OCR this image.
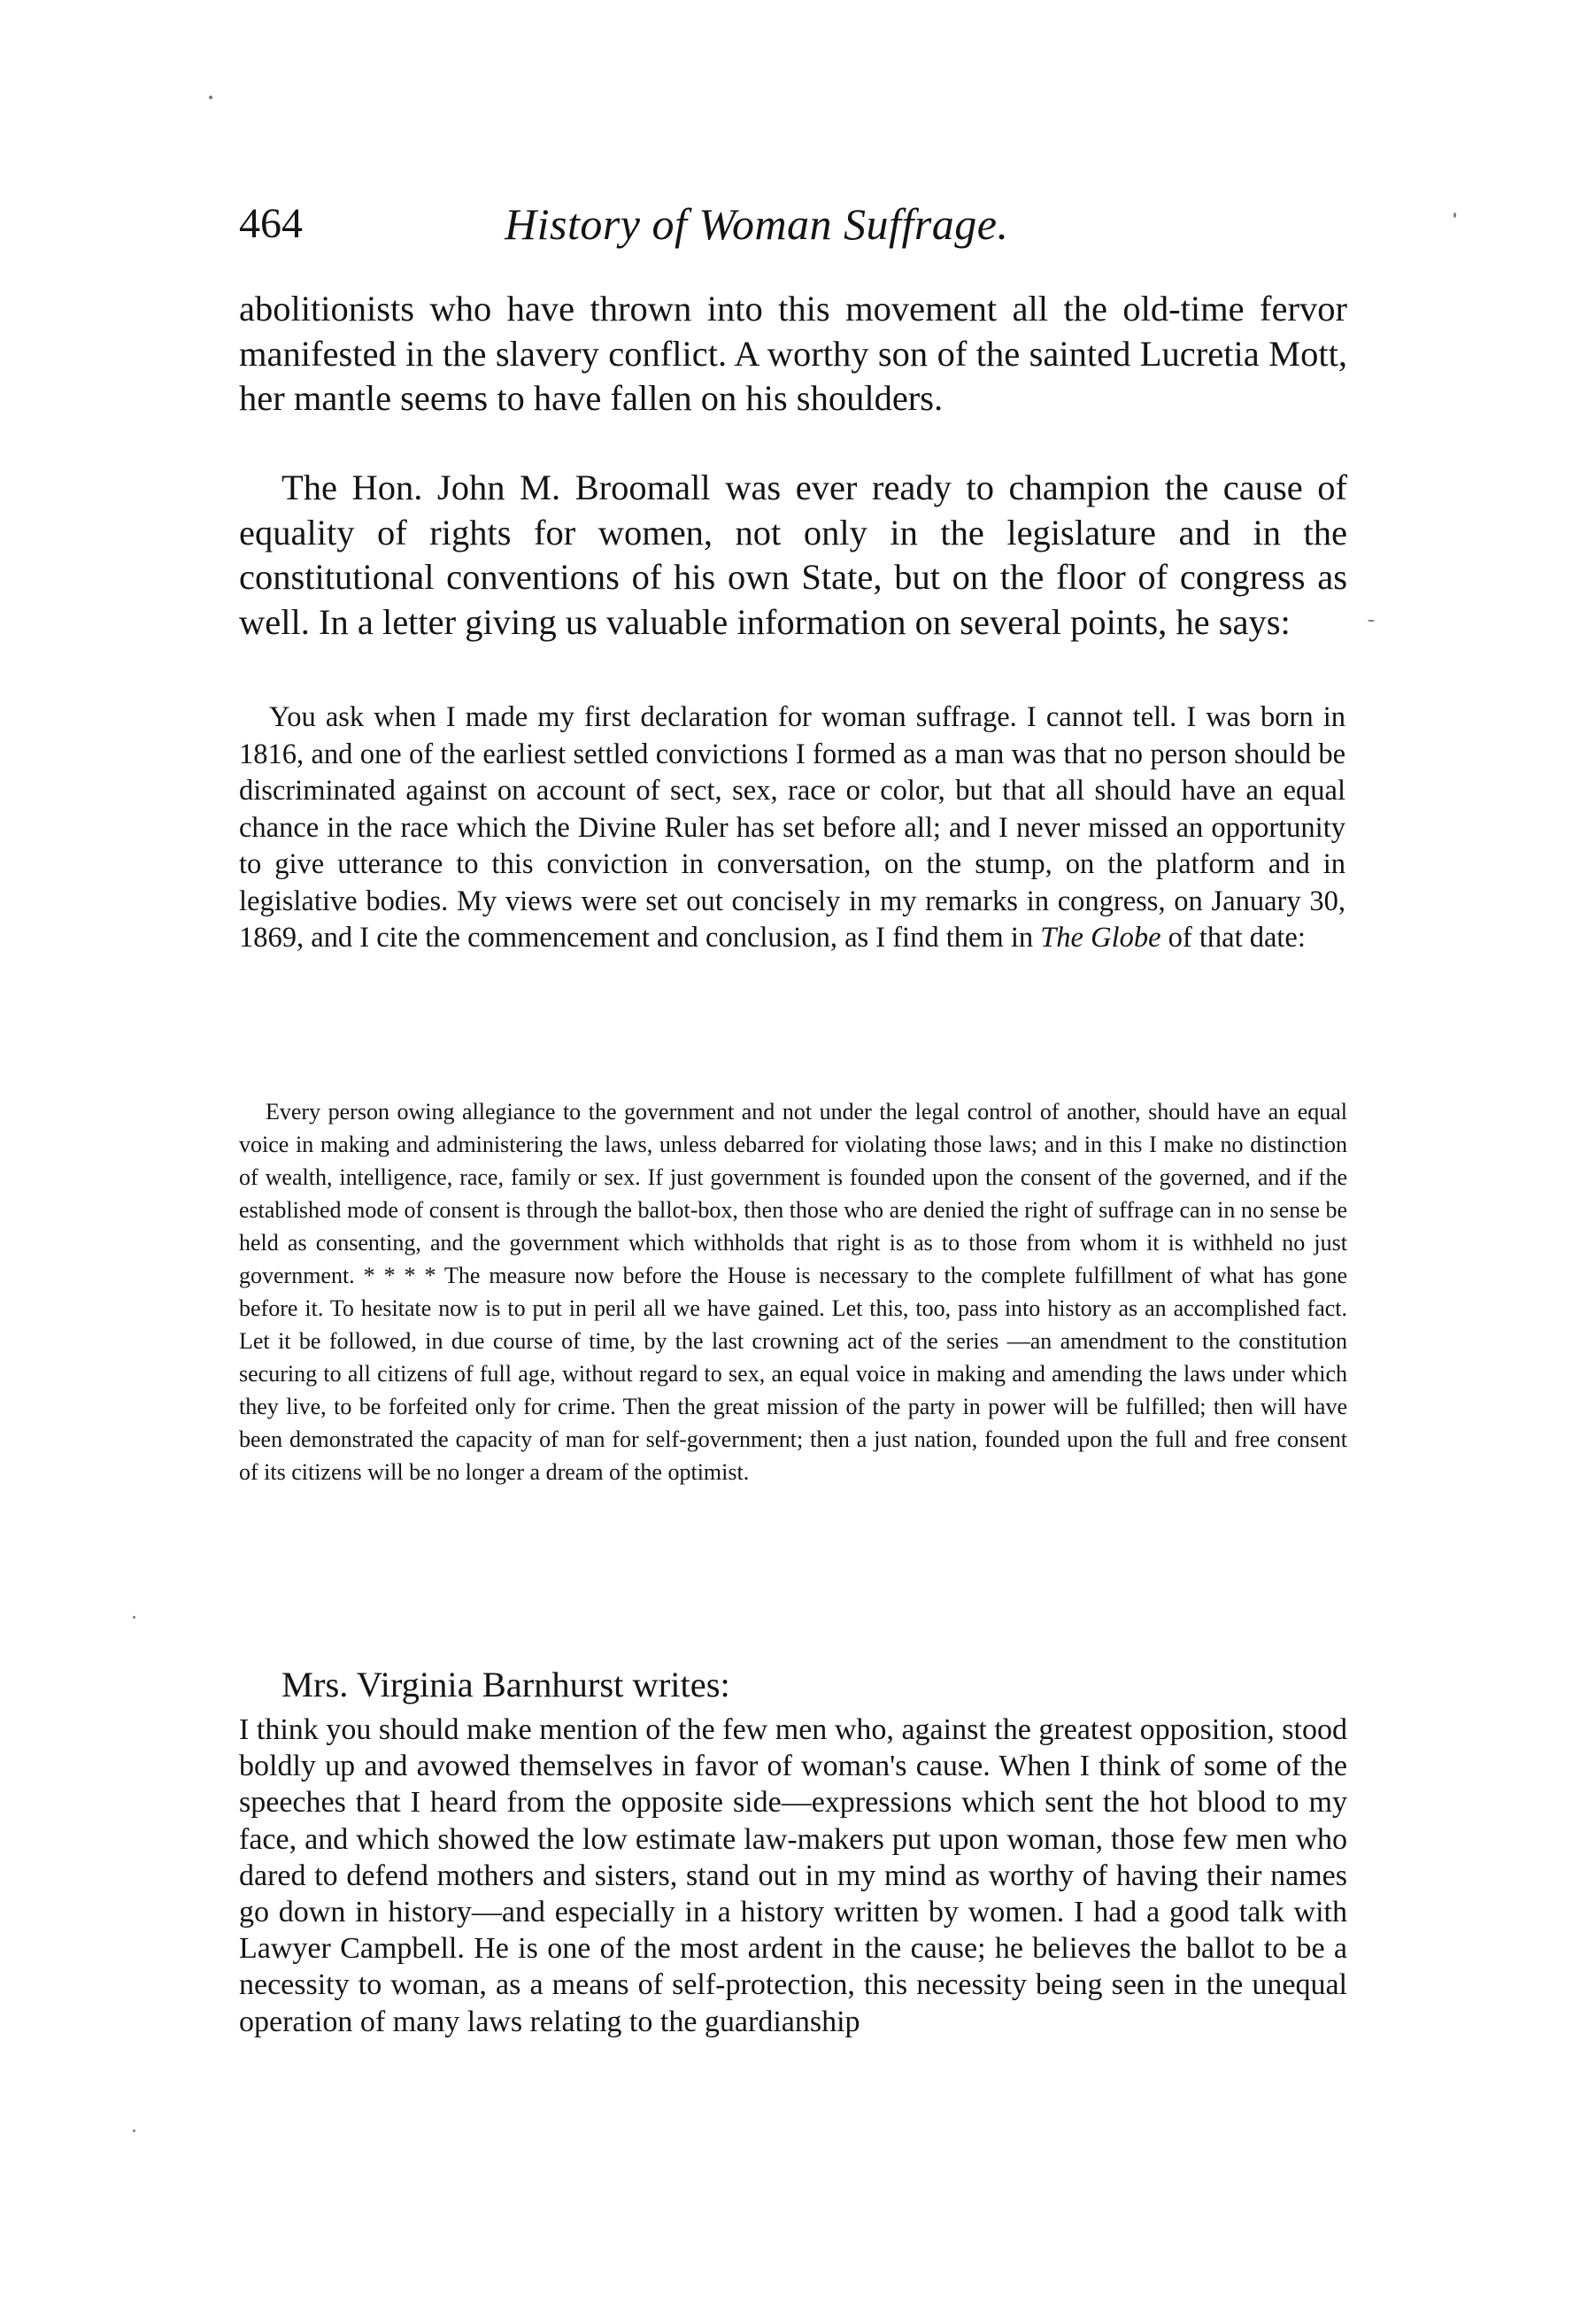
464	History of Woman Suffrage.

abolitionists who have thrown into this movement all the old-time fervor manifested in the slavery conflict. A worthy son of the sainted Lucretia Mott, her mantle seems to have fallen on his shoulders.

The Hon. John M. Broomall was ever ready to champion the cause of equality of rights for women, not only in the legislature and in the constitutional conventions of his own State, but on the floor of congress as well. In a letter giving us valuable information on several points, he says:

You ask when I made my first declaration for woman suffrage. I cannot tell. I was born in 1816, and one of the earliest settled convictions I formed as a man was that no person should be discriminated against on account of sect, sex, race or color, but that all should have an equal chance in the race which the Divine Ruler has set before all; and I never missed an opportunity to give utterance to this conviction in conversation, on the stump, on the platform and in legislative bodies. My views were set out concisely in my remarks in congress, on January 30, 1869, and I cite the commencement and conclusion, as I find them in The Globe of that date:

Every person owing allegiance to the government and not under the legal control of another, should have an equal voice in making and administering the laws, unless debarred for violating those laws; and in this I make no distinction of wealth, intelligence, race, family or sex. If just government is founded upon the consent of the governed, and if the established mode of consent is through the ballot-box, then those who are denied the right of suffrage can in no sense be held as consenting, and the government which withholds that right is as to those from whom it is withheld no just government. * * * * The measure now before the House is necessary to the complete fulfillment of what has gone before it. To hesitate now is to put in peril all we have gained. Let this, too, pass into history as an accomplished fact. Let it be followed, in due course of time, by the last crowning act of the series —an amendment to the constitution securing to all citizens of full age, without regard to sex, an equal voice in making and amending the laws under which they live, to be forfeited only for crime. Then the great mission of the party in power will be fulfilled; then will have been demonstrated the capacity of man for self-government; then a just nation, founded upon the full and free consent of its citizens will be no longer a dream of the optimist.

Mrs. Virginia Barnhurst writes:

I think you should make mention of the few men who, against the greatest opposition, stood boldly up and avowed themselves in favor of woman's cause. When I think of some of the speeches that I heard from the opposite side—expressions which sent the hot blood to my face, and which showed the low estimate law-makers put upon woman, those few men who dared to defend mothers and sisters, stand out in my mind as worthy of having their names go down in history—and especially in a history written by women. I had a good talk with Lawyer Campbell. He is one of the most ardent in the cause; he believes the ballot to be a necessity to woman, as a means of self-protection, this necessity being seen in the unequal operation of many laws relating to the guardianship
